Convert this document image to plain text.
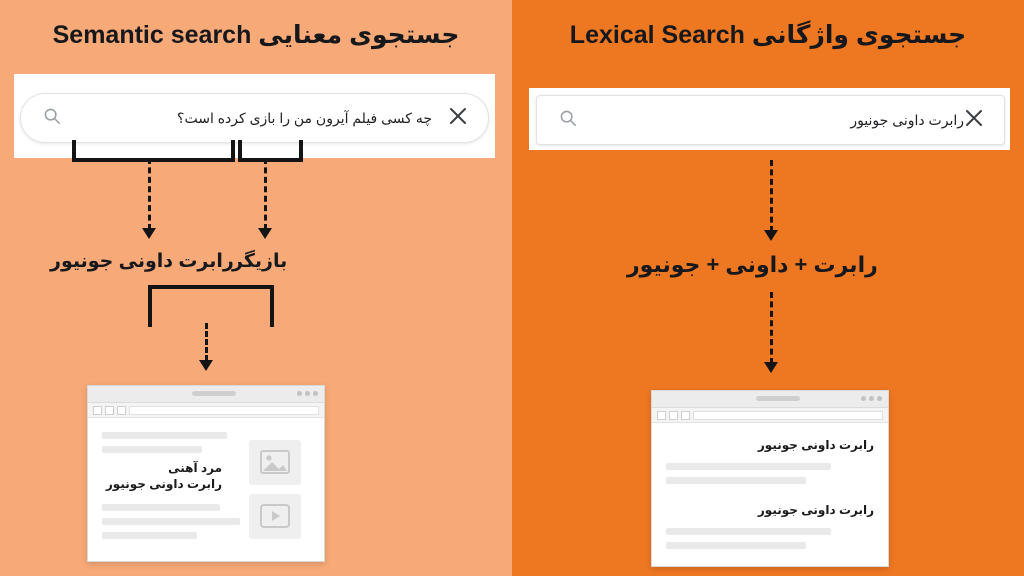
جستجوی معنایی Semantic search
چه کسی فیلم آیرون من را بازی کرده است؟
رابرت داونی جونیور
بازیگر
مرد آهنی
رابرت داونی جونیور
جستجوی واژگانی Lexical Search
رابرت داونی جونیور
رابرت + داونی + جونیور
رابرت داونی جونیور
رابرت داونی جونیور
